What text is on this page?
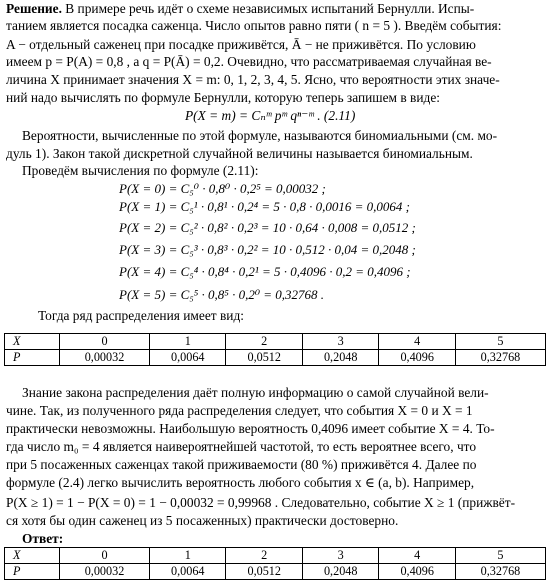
Решение. В примере речь идёт о схеме независимых испытаний Бернулли. Испы-
танием является посадка саженца. Число опытов равно пяти ( n = 5 ). Введём события:
A − отдельный саженец при посадке приживётся, Ā − не приживётся. По условию
имеем p = P(A) = 0,8 , а q = P(Ā) = 0,2. Очевидно, что рассматриваемая случайная ве-
личина X принимает значения X = m: 0, 1, 2, 3, 4, 5. Ясно, что вероятности этих значе-
ний надо вычислять по формуле Бернулли, которую теперь запишем в виде:
P(X = m) = Cₙᵐ pᵐ qⁿ⁻ᵐ . (2.11)
Вероятности, вычисленные по этой формуле, называются биномиальными (см. мо-
дуль 1). Закон такой дискретной случайной величины называется биномиальным.
Проведём вычисления по формуле (2.11):
P(X = 0) = C₅⁰ · 0,8⁰ · 0,2⁵ = 0,00032 ;
P(X = 1) = C₅¹ · 0,8¹ · 0,2⁴ = 5 · 0,8 · 0,0016 = 0,0064 ;
P(X = 2) = C₅² · 0,8² · 0,2³ = 10 · 0,64 · 0,008 = 0,0512 ;
P(X = 3) = C₅³ · 0,8³ · 0,2² = 10 · 0,512 · 0,04 = 0,2048 ;
P(X = 4) = C₅⁴ · 0,8⁴ · 0,2¹ = 5 · 0,4096 · 0,2 = 0,4096 ;
P(X = 5) = C₅⁵ · 0,8⁵ · 0,2⁰ = 0,32768 .
Тогда ряд распределения имеет вид:
X	0	1	2	3	4	5
P	0,00032	0,0064	0,0512	0,2048	0,4096	0,32768
Знание закона распределения даёт полную информацию о самой случайной вели-
чине. Так, из полученного ряда распределения следует, что события X = 0 и X = 1
практически невозможны. Наибольшую вероятность 0,4096 имеет событие X = 4. То-
гда число m₀ = 4 является наивероятнейшей частотой, то есть вероятнее всего, что
при 5 посаженных саженцах такой приживаемости (80 %) приживётся 4. Далее по
формуле (2.4) легко вычислить вероятность любого события x ∈ (a, b). Например,
P(X ≥ 1) = 1 − P(X = 0) = 1 − 0,00032 = 0,99968 . Следовательно, событие X ≥ 1 (прижвёт-
ся хотя бы один саженец из 5 посаженных) практически достоверно.
Ответ:
X	0	1	2	3	4	5
P	0,00032	0,0064	0,0512	0,2048	0,4096	0,32768
